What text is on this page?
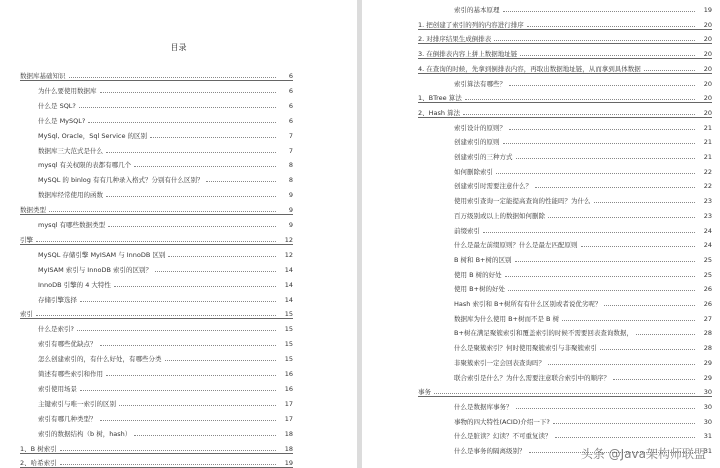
目录
数据库基础知识	6
为什么要使用数据库	6
什么是 SQL?	6
什么是 MySQL?	6
MySql, Oracle，Sql Service 的区别	7
数据库三大范式是什么	7
mysql 有关权限的表都有哪几个	8
MySQL 的 binlog 有有几种录入格式？分别有什么区别？	8
数据库经常使用的函数	9
数据类型	9
mysql 有哪些数据类型	9
引擎	12
MySQL 存储引擎 MyISAM 与 InnoDB 区别	12
MyISAM 索引与 InnoDB 索引的区别？	14
InnoDB 引擎的 4 大特性	14
存储引擎选择	14
索引	15
什么是索引?	15
索引有哪些优缺点？	15
怎么创建索引的，有什么好处，有哪些分类	15
简述有哪些索引和作用	16
索引使用场景	16
主键索引与唯一索引的区别	17
索引有哪几种类型？	17
索引的数据结构（b 树，hash）	18
1、B 树索引	18
2、哈希索引	19
索引的基本原理	19
1. 把创建了索引的列的内容进行排序	20
2. 对排序结果生成倒排表	20
3. 在倒排表内容上拼上数据地址链	20
4. 在查询的时候，先拿到倒排表内容，再取出数据地址链，从而拿到具体数据	20
索引算法有哪些？	20
1、BTree 算法	20
2、Hash 算法	20
索引设计的原则？	21
创建索引的原则	21
创建索引的三种方式	21
如何删除索引	22
创建索引时需要注意什么？	22
使用索引查询一定能提高查询的性能吗？为什么	23
百万级别或以上的数据如何删除	23
前缀索引	24
什么是最左前缀原则？什么是最左匹配原则	24
B 树和 B+树的区别	25
使用 B 树的好处	25
使用 B+树的好处	26
Hash 索引和 B+树所有有什么区别或者说优劣呢？	26
数据库为什么使用 B+树而不是 B 树	27
B+树在满足聚簇索引和覆盖索引的时候不需要回表查询数据，	28
什么是聚簇索引？何时使用聚簇索引与非聚簇索引	28
非聚簇索引一定会回表查询吗？	29
联合索引是什么？为什么需要注意联合索引中的顺序？	29
事务	30
什么是数据库事务？	30
事物的四大特性(ACID)介绍一下?	30
什么是脏读？幻读？不可重复读？	31
什么是事务的隔离级别？	31
头条 @Java架构师联盟
